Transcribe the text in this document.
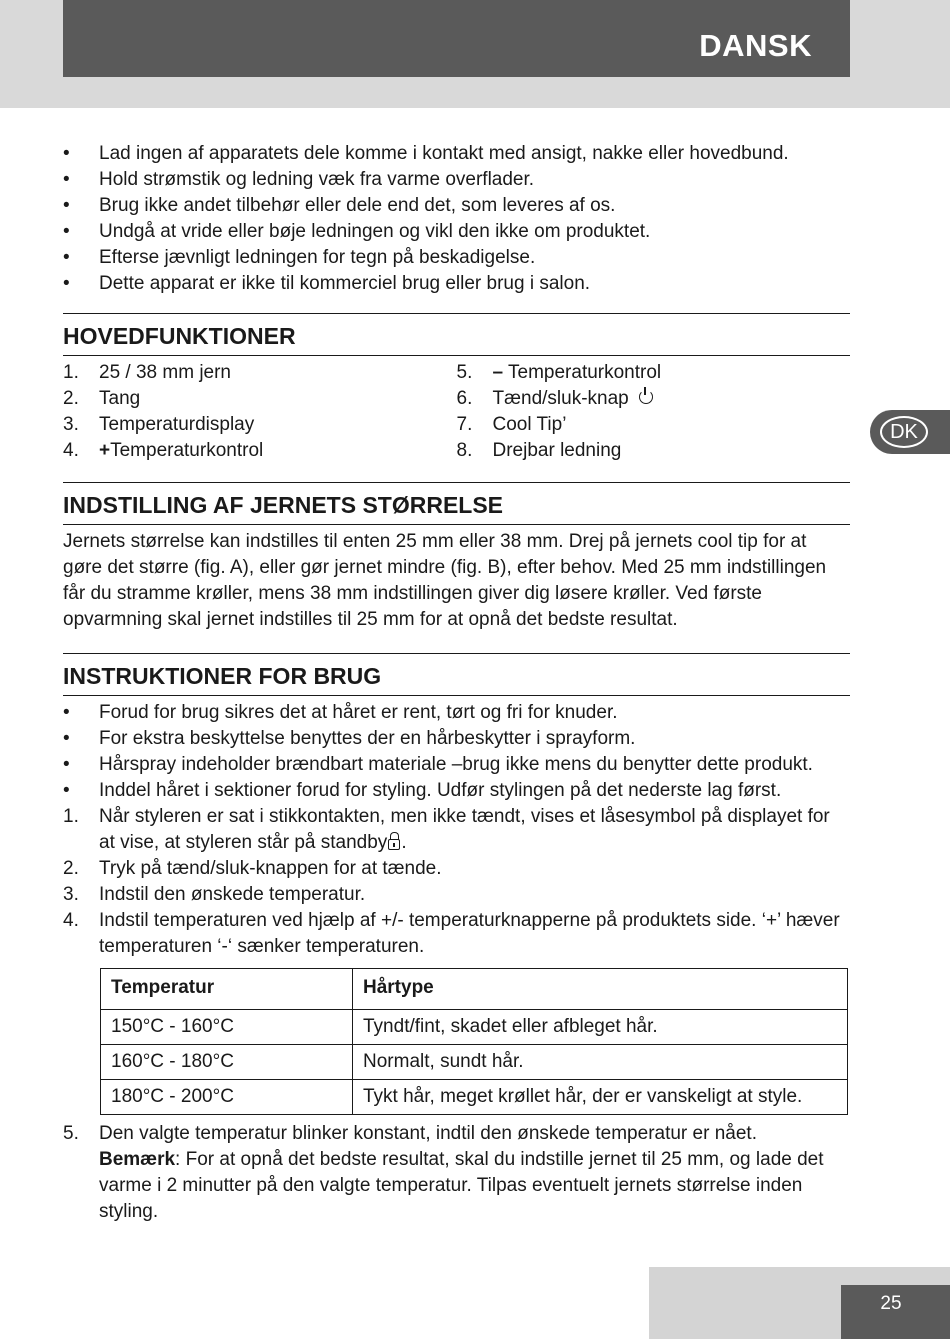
DANSK
DK
25
• Lad ingen af apparatets dele komme i kontakt med ansigt, nakke eller hovedbund.
• Hold strømstik og ledning væk fra varme overflader.
• Brug ikke andet tilbehør eller dele end det, som leveres af os.
• Undgå at vride eller bøje ledningen og vikl den ikke om produktet.
• Efterse jævnligt ledningen for tegn på beskadigelse.
• Dette apparat er ikke til kommerciel brug eller brug i salon.
HOVEDFUNKTIONER
1. 25 / 38 mm jern
2. Tang
3. Temperaturdisplay
4. +Temperaturkontrol
5. – Temperaturkontrol
6. Tænd/sluk-knap
7. Cool Tip’
8. Drejbar ledning
INDSTILLING AF JERNETS STØRRELSE
Jernets størrelse kan indstilles til enten 25 mm eller 38 mm. Drej på jernets cool tip for at gøre det større (fig. A), eller gør jernet mindre (fig. B), efter behov. Med 25 mm indstillingen får du stramme krøller, mens 38 mm indstillingen giver dig løsere krøller. Ved første opvarmning skal jernet indstilles til 25 mm for at opnå det bedste resultat.
INSTRUKTIONER FOR BRUG
• Forud for brug sikres det at håret er rent, tørt og fri for knuder.
• For ekstra beskyttelse benyttes der en hårbeskytter i sprayform.
• Hårspray indeholder brændbart materiale –brug ikke mens du benytter dette produkt.
• Inddel håret i sektioner forud for styling. Udfør stylingen på det nederste lag først.
1. Når styleren er sat i stikkontakten, men ikke tændt, vises et låsesymbol på displayet for at vise, at styleren står på standby .
2. Tryk på tænd/sluk-knappen for at tænde.
3. Indstil den ønskede temperatur.
4. Indstil temperaturen ved hjælp af +/- temperaturknapperne på produktets side. ‘+’ hæver temperaturen ‘-‘ sænker temperaturen.
Temperatur	Hårtype
150°C - 160°C	Tyndt/fint, skadet eller afbleget hår.
160°C - 180°C	Normalt, sundt hår.
180°C - 200°C	Tykt hår, meget krøllet hår, der er vanskeligt at style.
5. Den valgte temperatur blinker konstant, indtil den ønskede temperatur er nået.
Bemærk: For at opnå det bedste resultat, skal du indstille jernet til 25 mm, og lade det varme i 2 minutter på den valgte temperatur. Tilpas eventuelt jernets størrelse inden styling.
